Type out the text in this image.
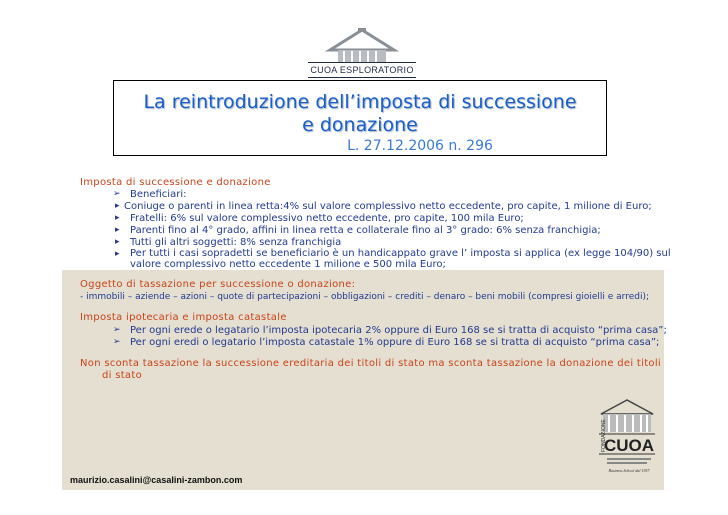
CUOA ESPLORATORIO
La reintroduzione dell’imposta di successione
e donazione
L. 27.12.2006 n. 296
Imposta di successione e donazione
➢ Beneficiari:
▸ Coniuge o parenti in linea retta:4% sul valore complessivo netto eccedente, pro capite, 1 milione di Euro;
▸ Fratelli: 6% sul valore complessivo netto eccedente, pro capite, 100 mila Euro;
▸ Parenti fino al 4° grado, affini in linea retta e collaterale fino al 3° grado: 6% senza franchigia;
▸ Tutti gli altri soggetti: 8% senza franchigia
▸ Per tutti i casi sopradetti se beneficiario è un handicappato grave l’ imposta si applica (ex legge 104/90) sul
valore complessivo netto eccedente 1 milione e 500 mila Euro;
Oggetto di tassazione per successione o donazione:
- immobili – aziende – azioni – quote di partecipazioni – obbligazioni – crediti – denaro – beni mobili (compresi gioielli e arredi);
Imposta ipotecaria e imposta catastale
➢ Per ogni erede o legatario l’imposta ipotecaria 2% oppure di Euro 168 se si tratta di acquisto “prima casa”;
➢ Per ogni eredi o legatario l’imposta catastale 1% oppure di Euro 168 se si tratta di acquisto “prima casa”;
Non sconta tassazione la successione ereditaria dei titoli di stato ma sconta tassazione la donazione dei titoli
di stato
FONDAZIONE
CUOA
Business School dal 1957
maurizio.casalini@casalini-zambon.com
